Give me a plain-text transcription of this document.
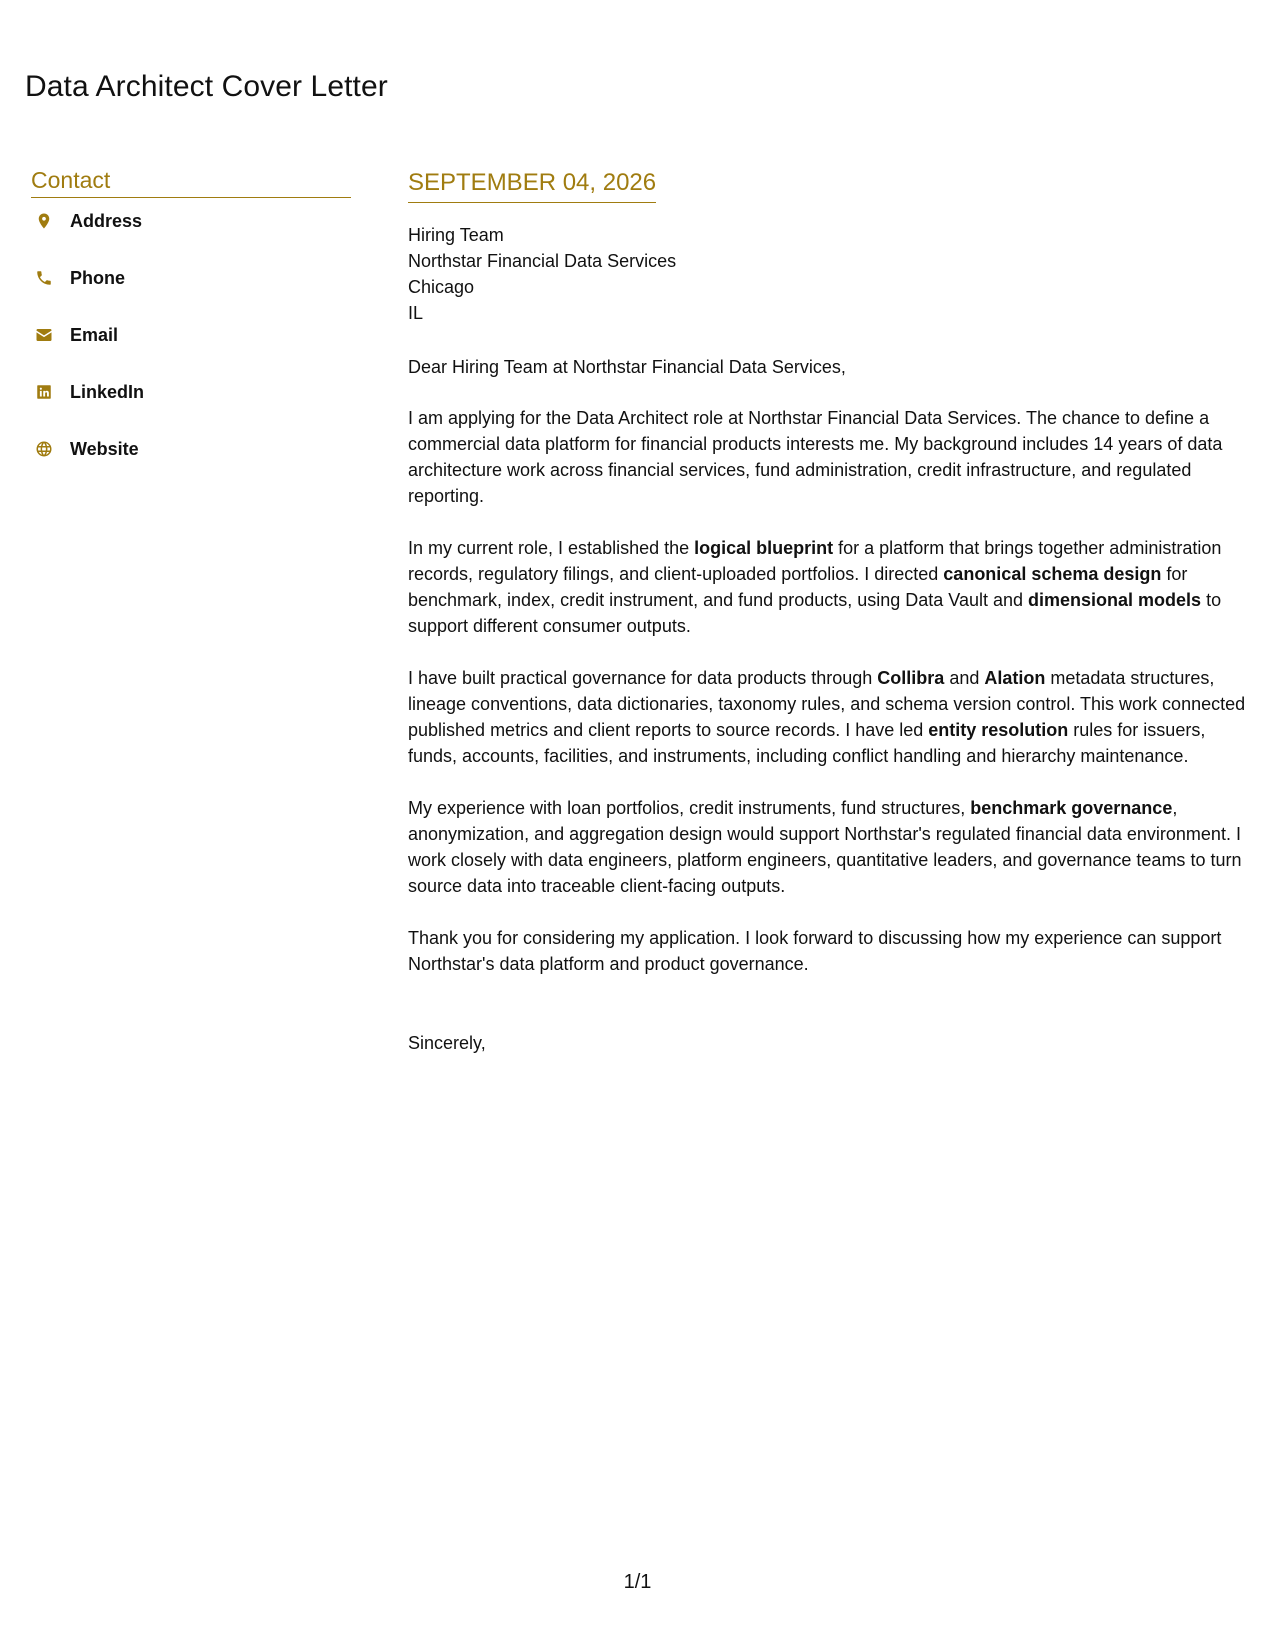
Data Architect Cover Letter
Contact
Address
Phone
Email
LinkedIn
Website
SEPTEMBER 04, 2026
Hiring Team
Northstar Financial Data Services
Chicago
IL

Dear Hiring Team at Northstar Financial Data Services,

I am applying for the Data Architect role at Northstar Financial Data Services. The chance to define a commercial data platform for financial products interests me. My background includes 14 years of data architecture work across financial services, fund administration, credit infrastructure, and regulated reporting.

In my current role, I established the logical blueprint for a platform that brings together administration records, regulatory filings, and client-uploaded portfolios. I directed canonical schema design for benchmark, index, credit instrument, and fund products, using Data Vault and dimensional models to support different consumer outputs.

I have built practical governance for data products through Collibra and Alation metadata structures, lineage conventions, data dictionaries, taxonomy rules, and schema version control. This work connected published metrics and client reports to source records. I have led entity resolution rules for issuers, funds, accounts, facilities, and instruments, including conflict handling and hierarchy maintenance.

My experience with loan portfolios, credit instruments, fund structures, benchmark governance, anonymization, and aggregation design would support Northstar's regulated financial data environment. I work closely with data engineers, platform engineers, quantitative leaders, and governance teams to turn source data into traceable client-facing outputs.

Thank you for considering my application. I look forward to discussing how my experience can support Northstar's data platform and product governance.

Sincerely,

1/1
